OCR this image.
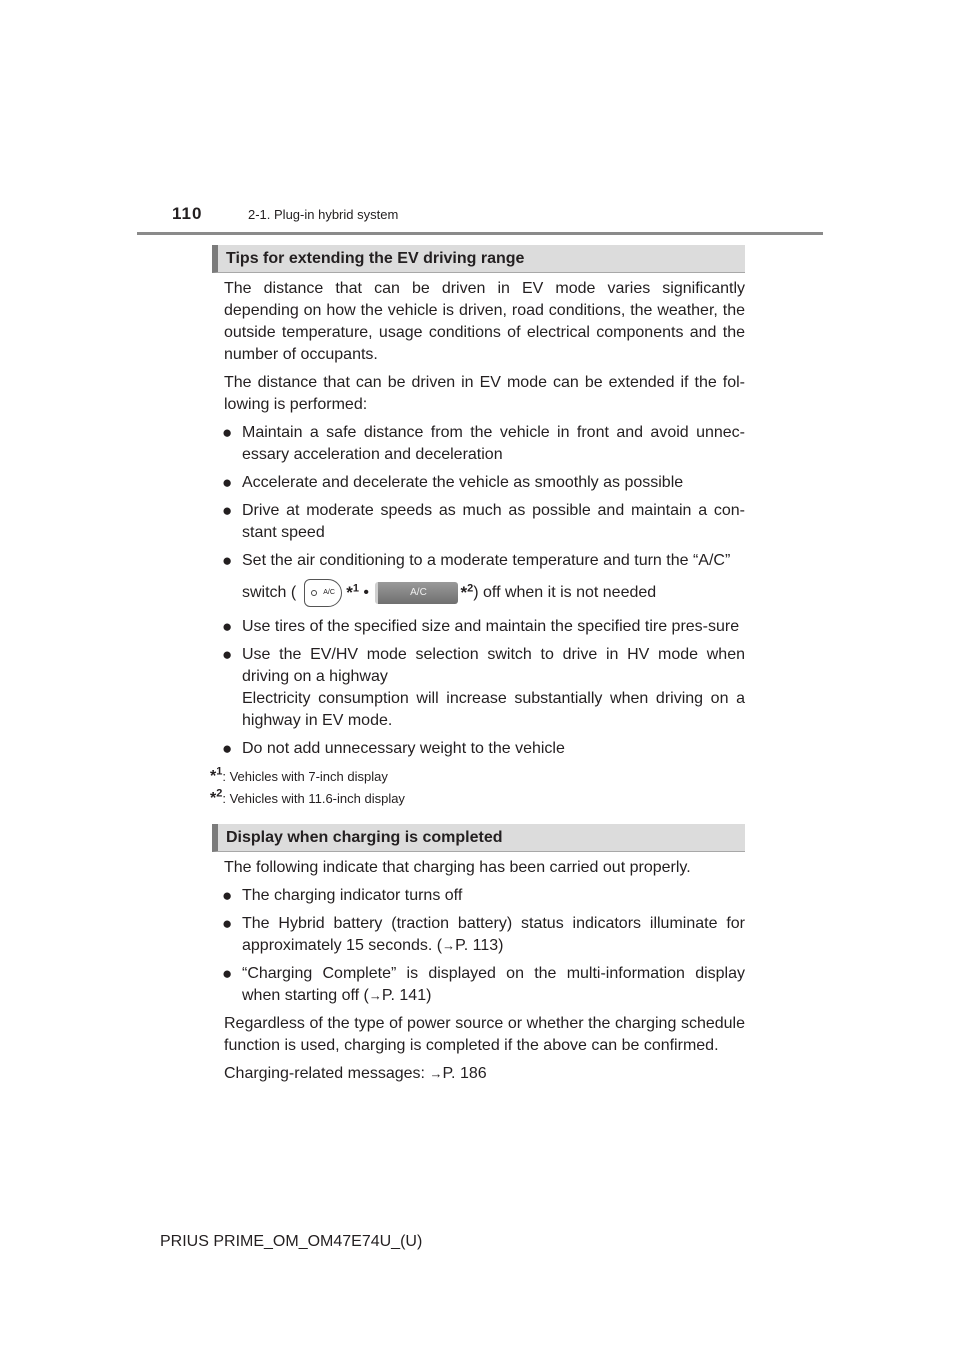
110	2-1. Plug-in hybrid system
Tips for extending the EV driving range

The distance that can be driven in EV mode varies significantly depending on how the vehicle is driven, road conditions, the weather, the outside temperature, usage conditions of electrical components and the number of occupants.

The distance that can be driven in EV mode can be extended if the fol-lowing is performed:

● Maintain a safe distance from the vehicle in front and avoid unnec-essary acceleration and deceleration
● Accelerate and decelerate the vehicle as smoothly as possible
● Drive at moderate speeds as much as possible and maintain a con-stant speed
● Set the air conditioning to a moderate temperature and turn the “A/C”
switch (	A/C *$^1$ •	A/C	*$^2$ ) off when it is not needed
● Use tires of the specified size and maintain the specified tire pres-sure
● Use the EV/HV mode selection switch to drive in HV mode when driving on a highway
Electricity consumption will increase substantially when driving on a highway in EV mode.
● Do not add unnecessary weight to the vehicle
*$^1$: Vehicles with 7-inch display
*$^2$: Vehicles with 11.6-inch display
Display when charging is completed

The following indicate that charging has been carried out properly.

● The charging indicator turns off
● The Hybrid battery (traction battery) status indicators illuminate for approximately 15 seconds. (→P. 113)
● “Charging Complete” is displayed on the multi-information display when starting off (→P. 141)

Regardless of the type of power source or whether the charging schedule function is used, charging is completed if the above can be confirmed.

Charging-related messages: →P. 186

PRIUS PRIME_OM_OM47E74U_(U)
